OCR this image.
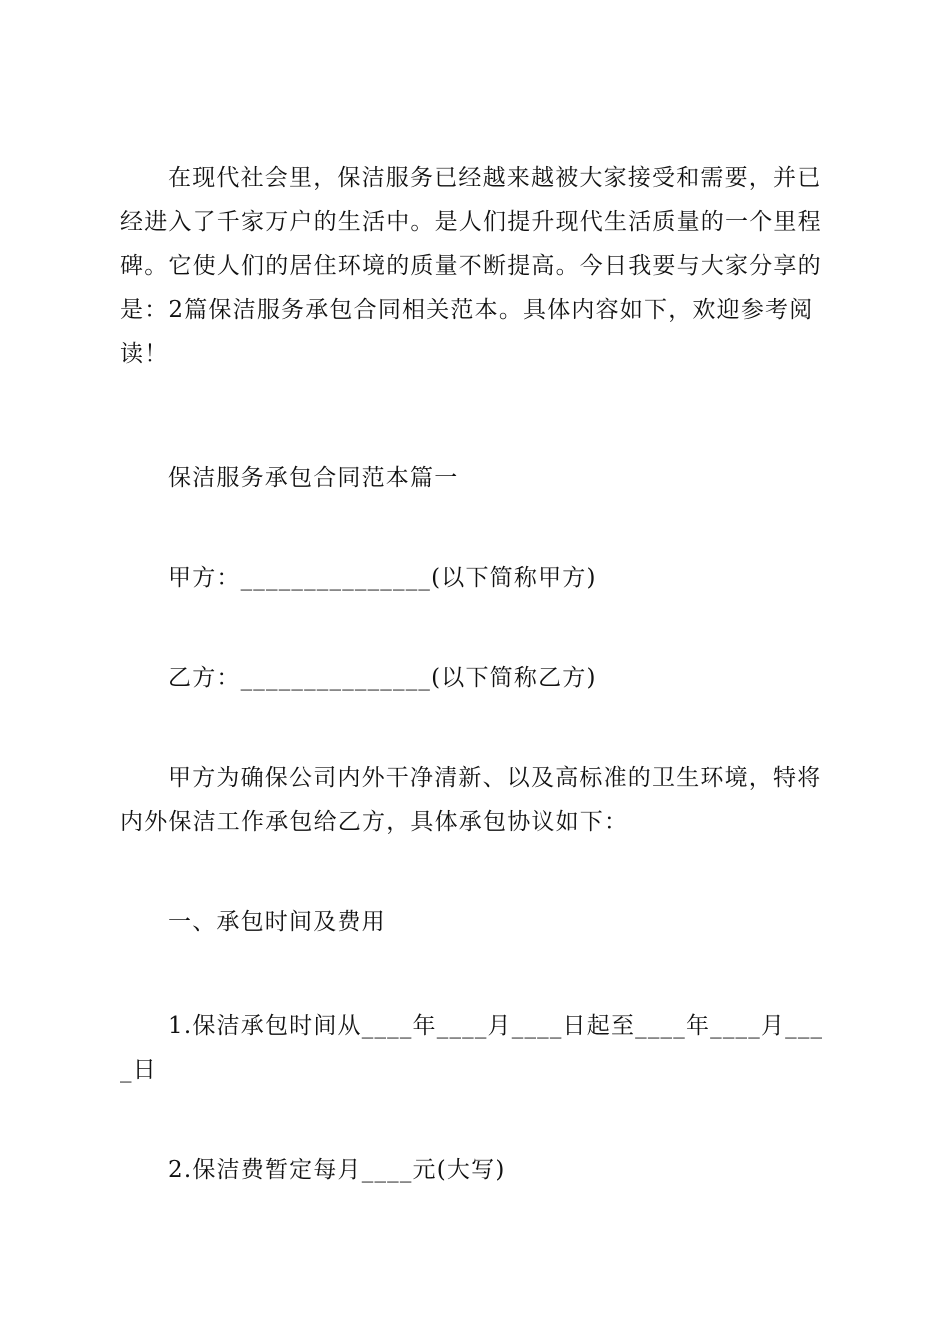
在现代社会里，保洁服务已经越来越被大家接受和需要，并已经进入了千家万户的生活中。是人们提升现代生活质量的一个里程碑。它使人们的居住环境的质量不断提高。今日我要与大家分享的是：2篇保洁服务承包合同相关范本。具体内容如下，欢迎参考阅读！
保洁服务承包合同范本篇一
甲方：_______________(以下简称甲方)
乙方：_______________(以下简称乙方)
甲方为确保公司内外干净清新、以及高标准的卫生环境，特将内外保洁工作承包给乙方，具体承包协议如下：
一、承包时间及费用
1.保洁承包时间从____年____月____日起至____年____月____日
2.保洁费暂定每月____元(大写)
